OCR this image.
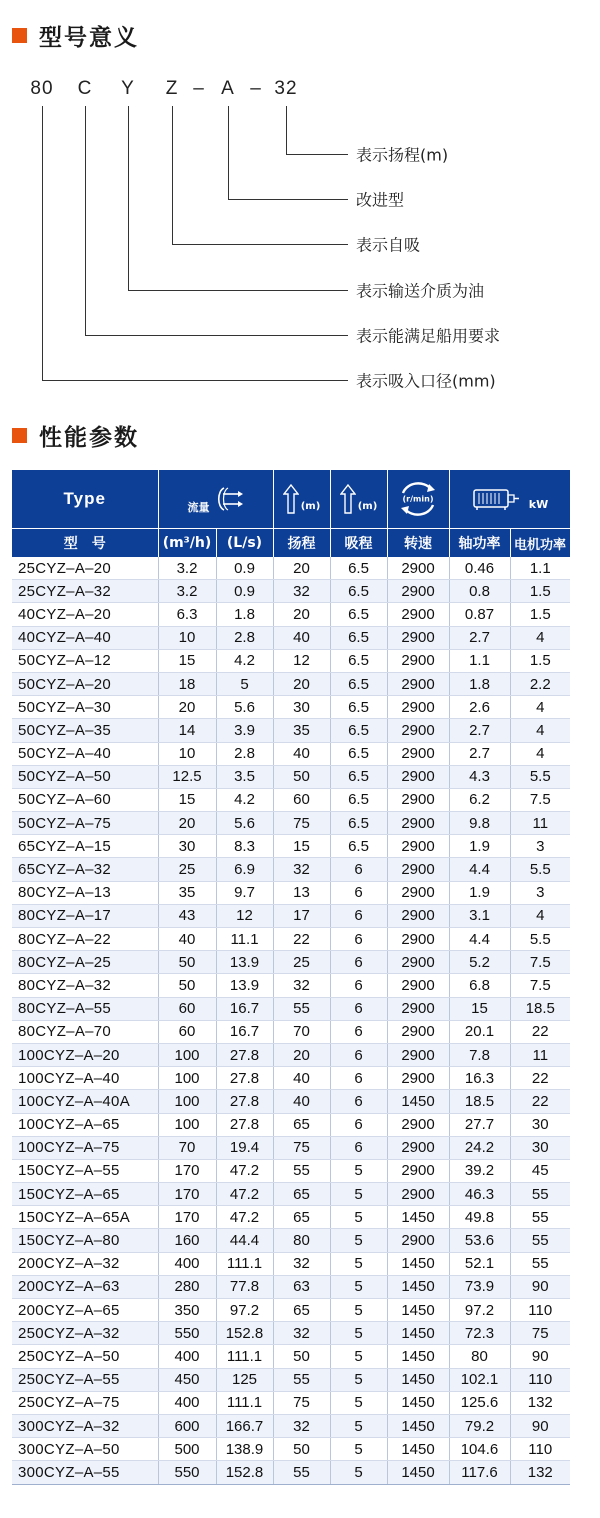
型号意义
80 C Y Z – A – 32
表示扬程(m)
改进型
表示自吸
表示输送介质为油
表示能满足船用要求
表示吸入口径(mm)
性能参数
Type	流量		(m)	(m)	(r/min)	kW	

型　号	(m³/h)	(L/s)	扬程	吸程	转速	轴功率	电机功率
25CYZ–A–20	3.2	0.9	20	6.5	2900	0.46	1.1
25CYZ–A–32	3.2	0.9	32	6.5	2900	0.8	1.5
40CYZ–A–20	6.3	1.8	20	6.5	2900	0.87	1.5
40CYZ–A–40	10	2.8	40	6.5	2900	2.7	4
50CYZ–A–12	15	4.2	12	6.5	2900	1.1	1.5
50CYZ–A–20	18	5	20	6.5	2900	1.8	2.2
50CYZ–A–30	20	5.6	30	6.5	2900	2.6	4
50CYZ–A–35	14	3.9	35	6.5	2900	2.7	4
50CYZ–A–40	10	2.8	40	6.5	2900	2.7	4
50CYZ–A–50	12.5	3.5	50	6.5	2900	4.3	5.5
50CYZ–A–60	15	4.2	60	6.5	2900	6.2	7.5
50CYZ–A–75	20	5.6	75	6.5	2900	9.8	11
65CYZ–A–15	30	8.3	15	6.5	2900	1.9	3
65CYZ–A–32	25	6.9	32	6	2900	4.4	5.5
80CYZ–A–13	35	9.7	13	6	2900	1.9	3
80CYZ–A–17	43	12	17	6	2900	3.1	4
80CYZ–A–22	40	11.1	22	6	2900	4.4	5.5
80CYZ–A–25	50	13.9	25	6	2900	5.2	7.5
80CYZ–A–32	50	13.9	32	6	2900	6.8	7.5
80CYZ–A–55	60	16.7	55	6	2900	15	18.5
80CYZ–A–70	60	16.7	70	6	2900	20.1	22
100CYZ–A–20	100	27.8	20	6	2900	7.8	11
100CYZ–A–40	100	27.8	40	6	2900	16.3	22
100CYZ–A–40A	100	27.8	40	6	1450	18.5	22
100CYZ–A–65	100	27.8	65	6	2900	27.7	30
100CYZ–A–75	70	19.4	75	6	2900	24.2	30
150CYZ–A–55	170	47.2	55	5	2900	39.2	45
150CYZ–A–65	170	47.2	65	5	2900	46.3	55
150CYZ–A–65A	170	47.2	65	5	1450	49.8	55
150CYZ–A–80	160	44.4	80	5	2900	53.6	55
200CYZ–A–32	400	111.1	32	5	1450	52.1	55
200CYZ–A–63	280	77.8	63	5	1450	73.9	90
200CYZ–A–65	350	97.2	65	5	1450	97.2	110
250CYZ–A–32	550	152.8	32	5	1450	72.3	75
250CYZ–A–50	400	111.1	50	5	1450	80	90
250CYZ–A–55	450	125	55	5	1450	102.1	110
250CYZ–A–75	400	111.1	75	5	1450	125.6	132
300CYZ–A–32	600	166.7	32	5	1450	79.2	90
300CYZ–A–50	500	138.9	50	5	1450	104.6	110
300CYZ–A–55	550	152.8	55	5	1450	117.6	132
